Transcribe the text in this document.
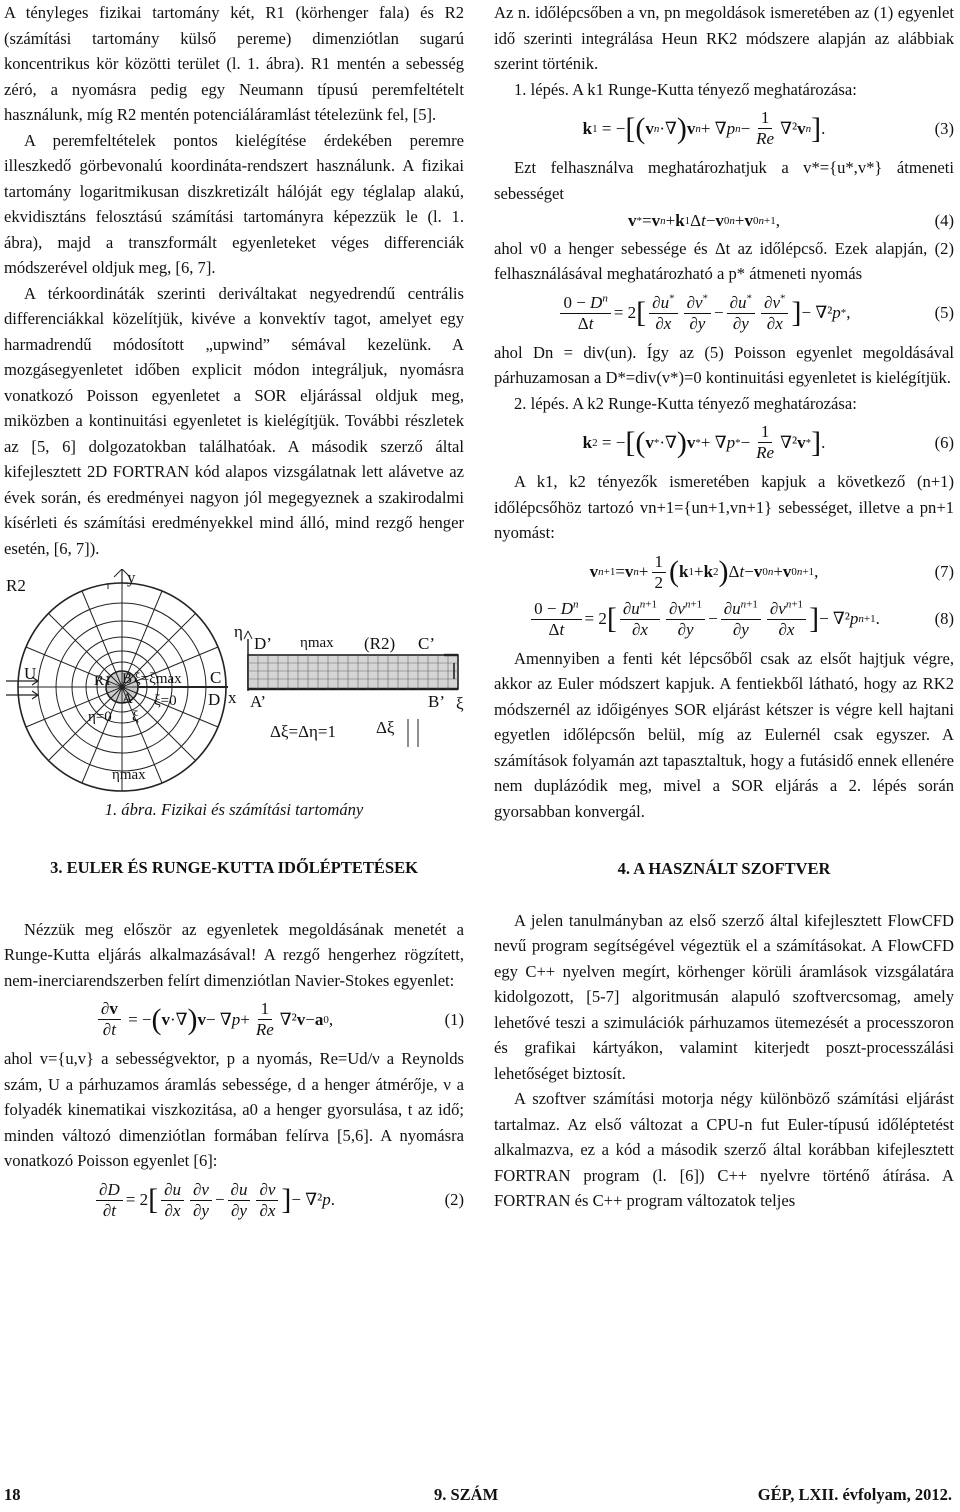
A tényleges fizikai tartomány két, R1 (körhenger fala) és R2 (számítási tartomány külső pereme) dimenziótlan sugarú koncentrikus kör közötti terület (l. 1. ábra). R1 mentén a sebesség zéró, a nyomásra pedig egy Neumann típusú peremfeltételt használunk, míg R2 mentén potenciáláramlást tételezünk fel, [5].

A peremfeltételek pontos kielégítése érdekében peremre illeszkedő görbevonalú koordináta-rendszert használunk. A fizikai tartomány logaritmikusan diszkretizált hálóját egy téglalap alakú, ekvidisztáns felosztású számítási tartományra képezzük le (l. 1. ábra), majd a transzformált egyenleteket véges differenciák módszerével oldjuk meg, [6, 7].

A térkoordináták szerinti deriváltakat negyedrendű centrális differenciákkal közelítjük, kivéve a konvektív tagot, amelyet egy harmadrendű módosított „upwind” sémával kezelünk. A mozgásegyenletet időben explicit módon integráljuk, nyomásra vonatkozó Poisson egyenletet a SOR eljárással oldjuk meg, miközben a kontinuitási egyenletet is kielégítjük. További részletek az [5, 6] dolgozatokban találhatóak. A második szerző által kifejlesztett 2D FORTRAN kód alapos vizsgálatnak lett alávetve az évek során, és eredményei nagyon jól megegyeznek a szakirodalmi kísérleti és számítási eredményekkel mind álló, mind rezgő henger esetén, [6, 7]).

R2	y
U	R1 B ξ=ξmax C
A ξ=0 D x
η=0 ξ
ηmax
η
D’ ηmax (R2) C’
A’	B’ ξ
Δξ=Δη=1 Δξ
1. ábra. Fizikai és számítási tartomány

3. EULER ÉS RUNGE-KUTTA IDŐLÉPTETÉSEK

Nézzük meg először az egyenletek megoldásának menetét a Runge-Kutta eljárás alkalmazásával! A rezgő hengerhez rögzített, nem-inerciarendszerben felírt dimenziótlan Navier-Stokes egyenlet:

$\frac{\partial v}{\partial t}$ = − ( v ·∇ ) v − ∇ $p + \frac{1}{Re} \nabla^2$ v − a 0 ,	(1)

ahol v={u,v} a sebességvektor, p a nyomás, Re=Ud/ν a Reynolds szám, U a párhuzamos áramlás sebessége, d a henger átmérője, ν a folyadék kinematikai viszkozitása, a0 a henger gyorsulása, t az idő; minden változó dimenziótlan formában felírva [5,6]. A nyomásra vonatkozó Poisson egyenlet [6]:

$\frac{\partial D}{\partial t} = 2$ [ $\frac{\partial u}{\partial x} \frac{\partial v}{\partial y} - \frac{\partial u}{\partial y} \frac{\partial v}{\partial x}$ ] − ∇² p .	(2)

Az n. időlépcsőben a vn, pn megoldások ismeretében az (1) egyenlet idő szerinti integrálása Heun RK2 módszere alapján az alábbiak szerint történik.

1. lépés. A k1 Runge-Kutta tényező meghatározása:

k 1 = − [ ( v n ·∇ ) v n + ∇ p $n - \frac{1}{Re} \nabla^2$ v n ] .	(3)

Ezt felhasználva meghatározhatjuk a v*={u*,v*} átmeneti sebességet

v * = v n + k 1 Δ t − v 0 n + v 0 n+1 ,	(4)

ahol v0 a henger sebessége és Δt az időlépcső. Ezek alapján, (2) felhasználásával meghatározható a p* átmeneti nyomás

$\frac{0 - D^n}{\Delta t} = 2$ [ $\frac{\partial u^*}{\partial x} \frac{\partial v^*}{\partial y} - \frac{\partial u^*}{\partial y} \frac{\partial v^*}{\partial x}$ ] − ∇² p * ,	(5)

ahol Dn = div(un). Így az (5) Poisson egyenlet megoldásával párhuzamosan a D*=div(v*)=0 kontinuitási egyenletet is kielégítjük.

2. lépés. A k2 Runge-Kutta tényező meghatározása:

k 2 = − [ ( v * ·∇ ) v * + ∇ p * − $\frac{1}{Re} \nabla^2$ v * ] .	(6)

A k1, k2 tényezők ismeretében kapjuk a következő (n+1) időlépcsőhöz tartozó vn+1={un+1,vn+1} sebességet, illetve a pn+1 nyomást:

v n+1 = v $n + \frac{1}{2}$ ( k 1 + k 2 ) Δ t − v 0 n + v 0 n+1 ,	(7)
$\frac{0 - D^n}{\Delta t} = 2$ [ $\frac{\partial u^{n+1}}{\partial x} \frac{\partial v^{n+1}}{\partial y} - \frac{\partial u^{n+1}}{\partial y} \frac{\partial v^{n+1}}{\partial x}$ ] − ∇² p n+1 .	(8)

Amennyiben a fenti két lépcsőből csak az elsőt hajtjuk végre, akkor az Euler módszert kapjuk. A fentiekből látható, hogy az RK2 módszernél az időigényes SOR eljárást kétszer is végre kell hajtani egyetlen időlépcsőn belül, míg az Eulernél csak egyszer. A számítások folyamán azt tapasztaltuk, hogy a futásidő ennek ellenére nem duplázódik meg, mivel a SOR eljárás a 2. lépés során gyorsabban konvergál.

4. A HASZNÁLT SZOFTVER

A jelen tanulmányban az első szerző által kifejlesztett FlowCFD nevű program segítségével végeztük el a számításokat. A FlowCFD egy C++ nyelven megírt, körhenger körüli áramlások vizsgálatára kidolgozott, [5-7] algoritmusán alapuló szoftvercsomag, amely lehetővé teszi a szimulációk párhuzamos ütemezését a processzoron és grafikai kártyákon, valamint kiterjedt poszt-processzálási lehetőséget biztosít.

A szoftver számítási motorja négy különböző számítási eljárást tartalmaz. Az első változat a CPU-n fut Euler-típusú időléptetést alkalmazva, ez a kód a második szerző által korábban kifejlesztett FORTRAN program (l. [6]) C++ nyelvre történő átírása. A FORTRAN és C++ program változatok teljes

18	9. SZÁM	GÉP, LXII. évfolyam, 2012.
